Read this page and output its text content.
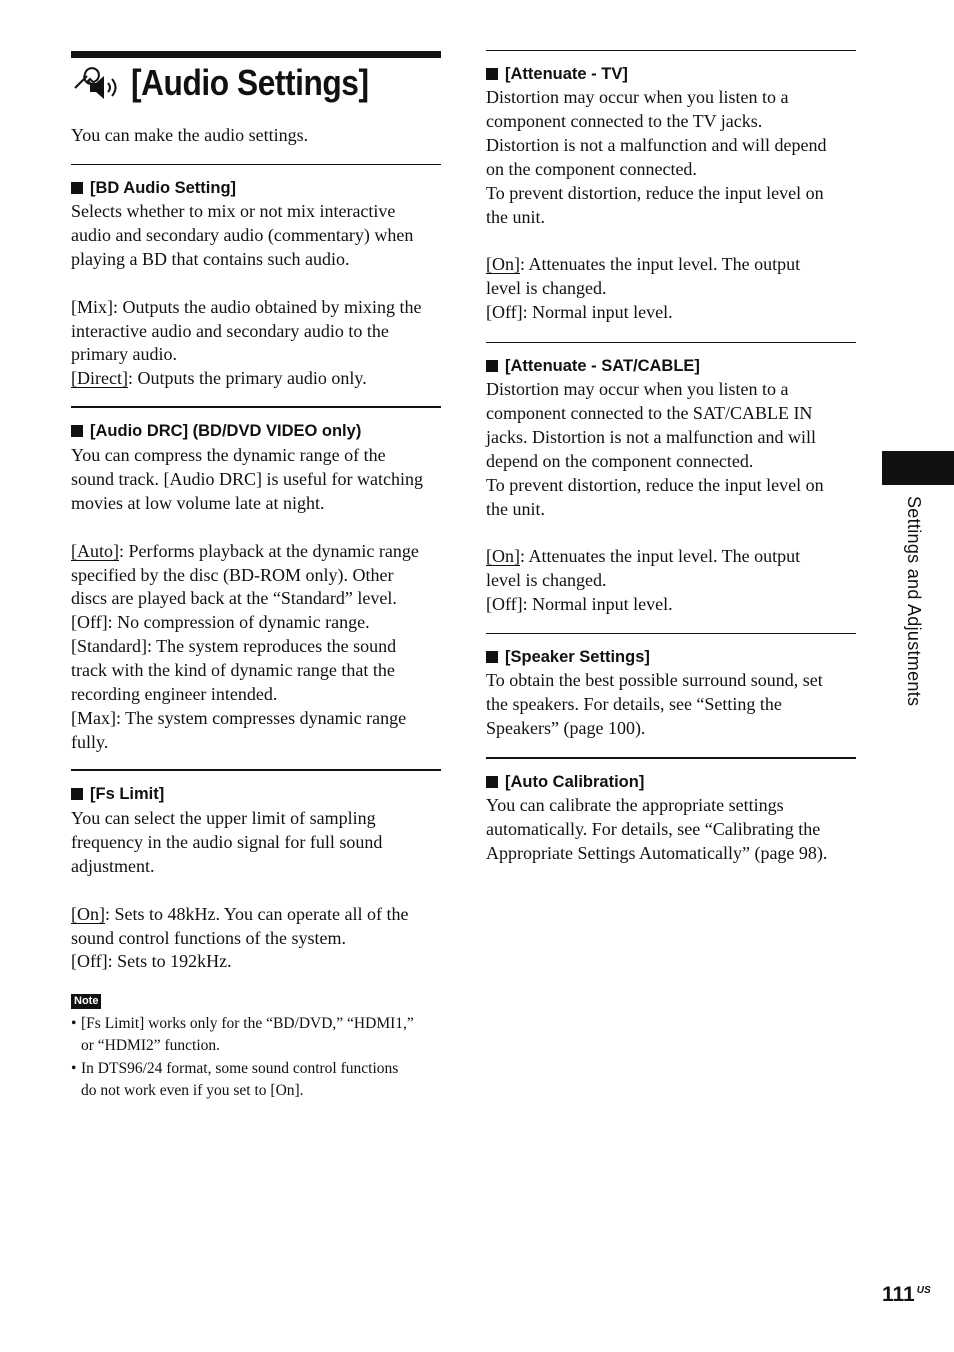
[Audio Settings]
You can make the audio settings.
[BD Audio Setting]
Selects whether to mix or not mix interactive
audio and secondary audio (commentary) when
playing a BD that contains such audio.
[Mix]: Outputs the audio obtained by mixing the
interactive audio and secondary audio to the
primary audio.
[Direct]: Outputs the primary audio only.
[Audio DRC] (BD/DVD VIDEO only)
You can compress the dynamic range of the
sound track. [Audio DRC] is useful for watching
movies at low volume late at night.
[Auto]: Performs playback at the dynamic range
specified by the disc (BD-ROM only). Other
discs are played back at the “Standard” level.
[Off]: No compression of dynamic range.
[Standard]: The system reproduces the sound
track with the kind of dynamic range that the
recording engineer intended.
[Max]: The system compresses dynamic range
fully.
[Fs Limit]
You can select the upper limit of sampling
frequency in the audio signal for full sound
adjustment.
[On]: Sets to 48kHz. You can operate all of the
sound control functions of the system.
[Off]: Sets to 192kHz.
Note
• [Fs Limit] works only for the “BD/DVD,” “HDMI1,”
or “HDMI2” function.
• In DTS96/24 format, some sound control functions
do not work even if you set to [On].
[Attenuate - TV]
Distortion may occur when you listen to a
component connected to the TV jacks.
Distortion is not a malfunction and will depend
on the component connected.
To prevent distortion, reduce the input level on
the unit.
[On]: Attenuates the input level. The output
level is changed.
[Off]: Normal input level.
[Attenuate - SAT/CABLE]
Distortion may occur when you listen to a
component connected to the SAT/CABLE IN
jacks. Distortion is not a malfunction and will
depend on the component connected.
To prevent distortion, reduce the input level on
the unit.
[On]: Attenuates the input level. The output
level is changed.
[Off]: Normal input level.
[Speaker Settings]
To obtain the best possible surround sound, set
the speakers. For details, see “Setting the
Speakers” (page 100).
[Auto Calibration]
You can calibrate the appropriate settings
automatically. For details, see “Calibrating the
Appropriate Settings Automatically” (page 98).
Settings and Adjustments
111 $^{US}$
